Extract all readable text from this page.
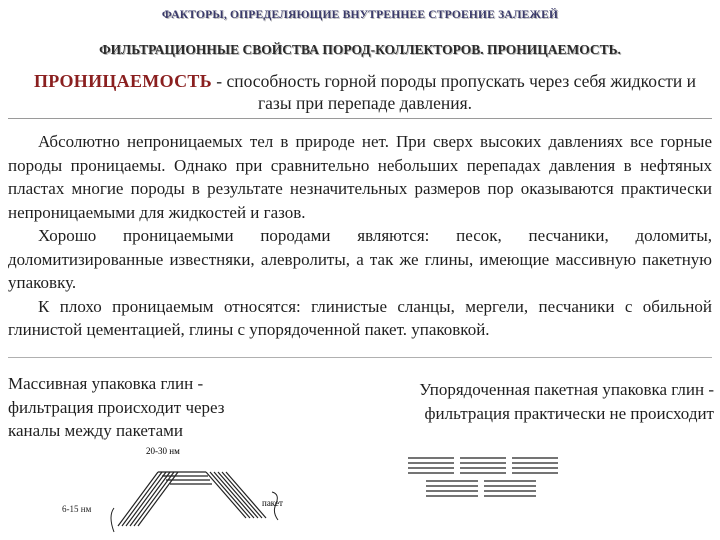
ФАКТОРЫ, ОПРЕДЕЛЯЮЩИЕ ВНУТРЕННЕЕ СТРОЕНИЕ ЗАЛЕЖЕЙ
ФИЛЬТРАЦИОННЫЕ СВОЙСТВА ПОРОД-КОЛЛЕКТОРОВ. ПРОНИЦАЕМОСТЬ.
ПРОНИЦАЕМОСТЬ - способность горной породы пропускать через себя жидкости и газы при перепаде давления.

Абсолютно непроницаемых тел в природе нет. При сверх высоких давлениях все горные породы проницаемы. Однако при сравнительно небольших перепадах давления в нефтяных пластах многие породы в результате незначительных размеров пор оказываются практически непроницаемыми для жидкостей и газов.

Хорошо проницаемыми породами являются: песок, песчаники, доломиты, доломитизированные известняки, алевролиты, а так же глины, имеющие массивную пакетную упаковку.

К плохо проницаемым относятся: глинистые сланцы, мергели, песчаники с обильной глинистой цементацией, глины с упорядоченной пакет. упаковкой.

Массивная упаковка глин - фильтрация происходит через каналы между пакетами
Упорядоченная пакетная упаковка глин - фильтрация практически не происходит
20-30 нм
пакет
6-15 нм
